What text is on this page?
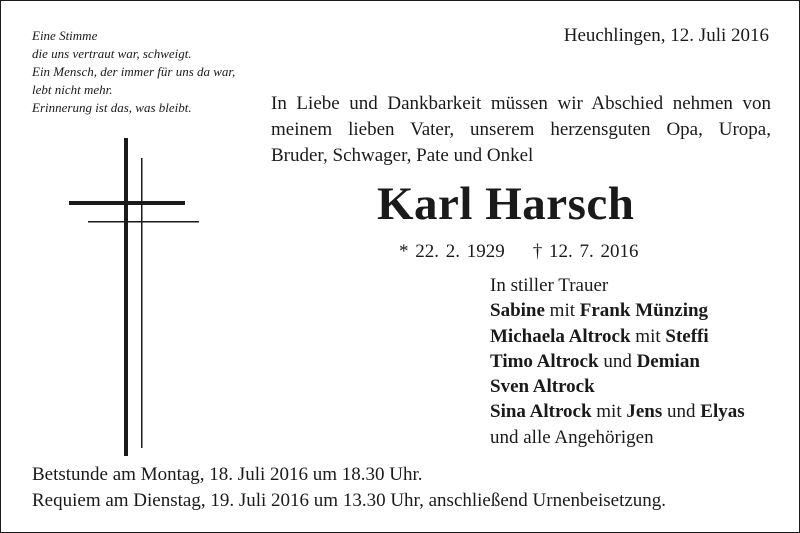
Eine Stimme
die uns vertraut war, schweigt.
Ein Mensch, der immer für uns da war,
lebt nicht mehr.
Erinnerung ist das, was bleibt.
Heuchlingen, 12. Juli 2016
In Liebe und Dankbarkeit müssen wir Abschied nehmen von
meinem lieben Vater, unserem herzensguten Opa, Uropa,
Bruder, Schwager, Pate und Onkel
Karl Harsch
* 22. 2. 1929 † 12. 7. 2016
In stiller Trauer
Sabine mit Frank Münzing
Michaela Altrock mit Steffi
Timo Altrock und Demian
Sven Altrock
Sina Altrock mit Jens und Elyas
und alle Angehörigen
Betstunde am Montag, 18. Juli 2016 um 18.30 Uhr.
Requiem am Dienstag, 19. Juli 2016 um 13.30 Uhr, anschließend Urnenbeisetzung.
